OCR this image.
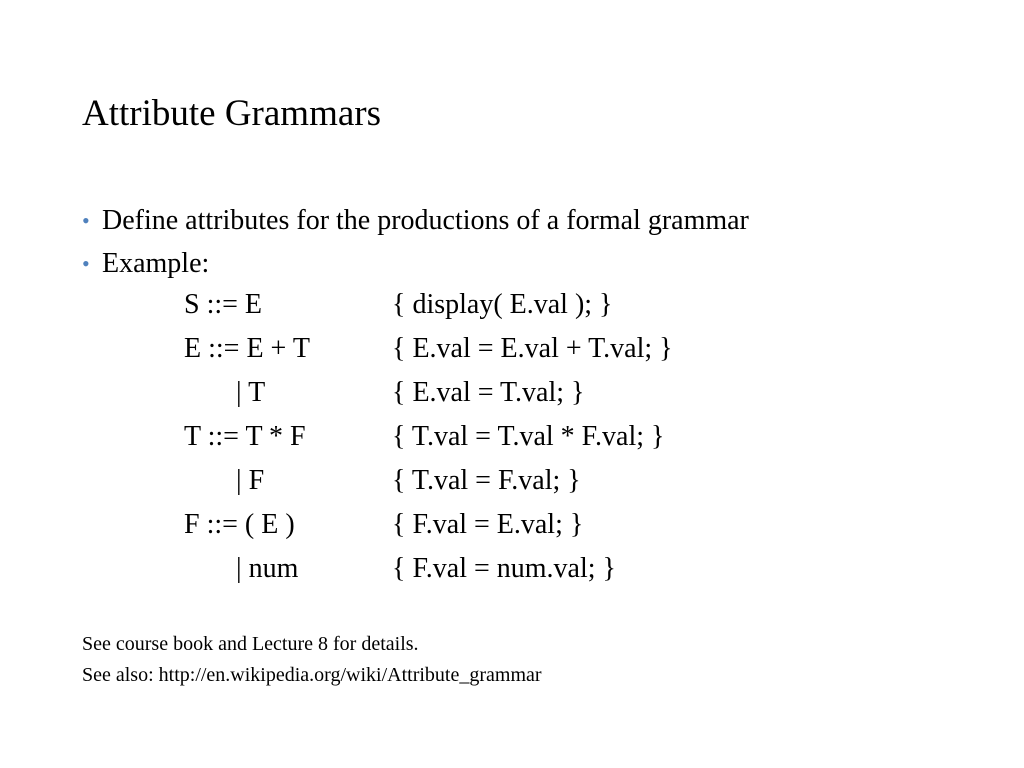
Attribute Grammars
• Define attributes for the productions of a formal grammar
• Example:
S ::= E	{ display( E.val ); }
E ::= E + T	{ E.val = E.val + T.val; }
| T	{ E.val = T.val; }
T ::= T * F	{ T.val = T.val * F.val; }
| F	{ T.val = F.val; }
F ::= ( E )	{ F.val = E.val; }
| num	{ F.val = num.val; }
See course book and Lecture 8 for details.
See also: http://en.wikipedia.org/wiki/Attribute_grammar
